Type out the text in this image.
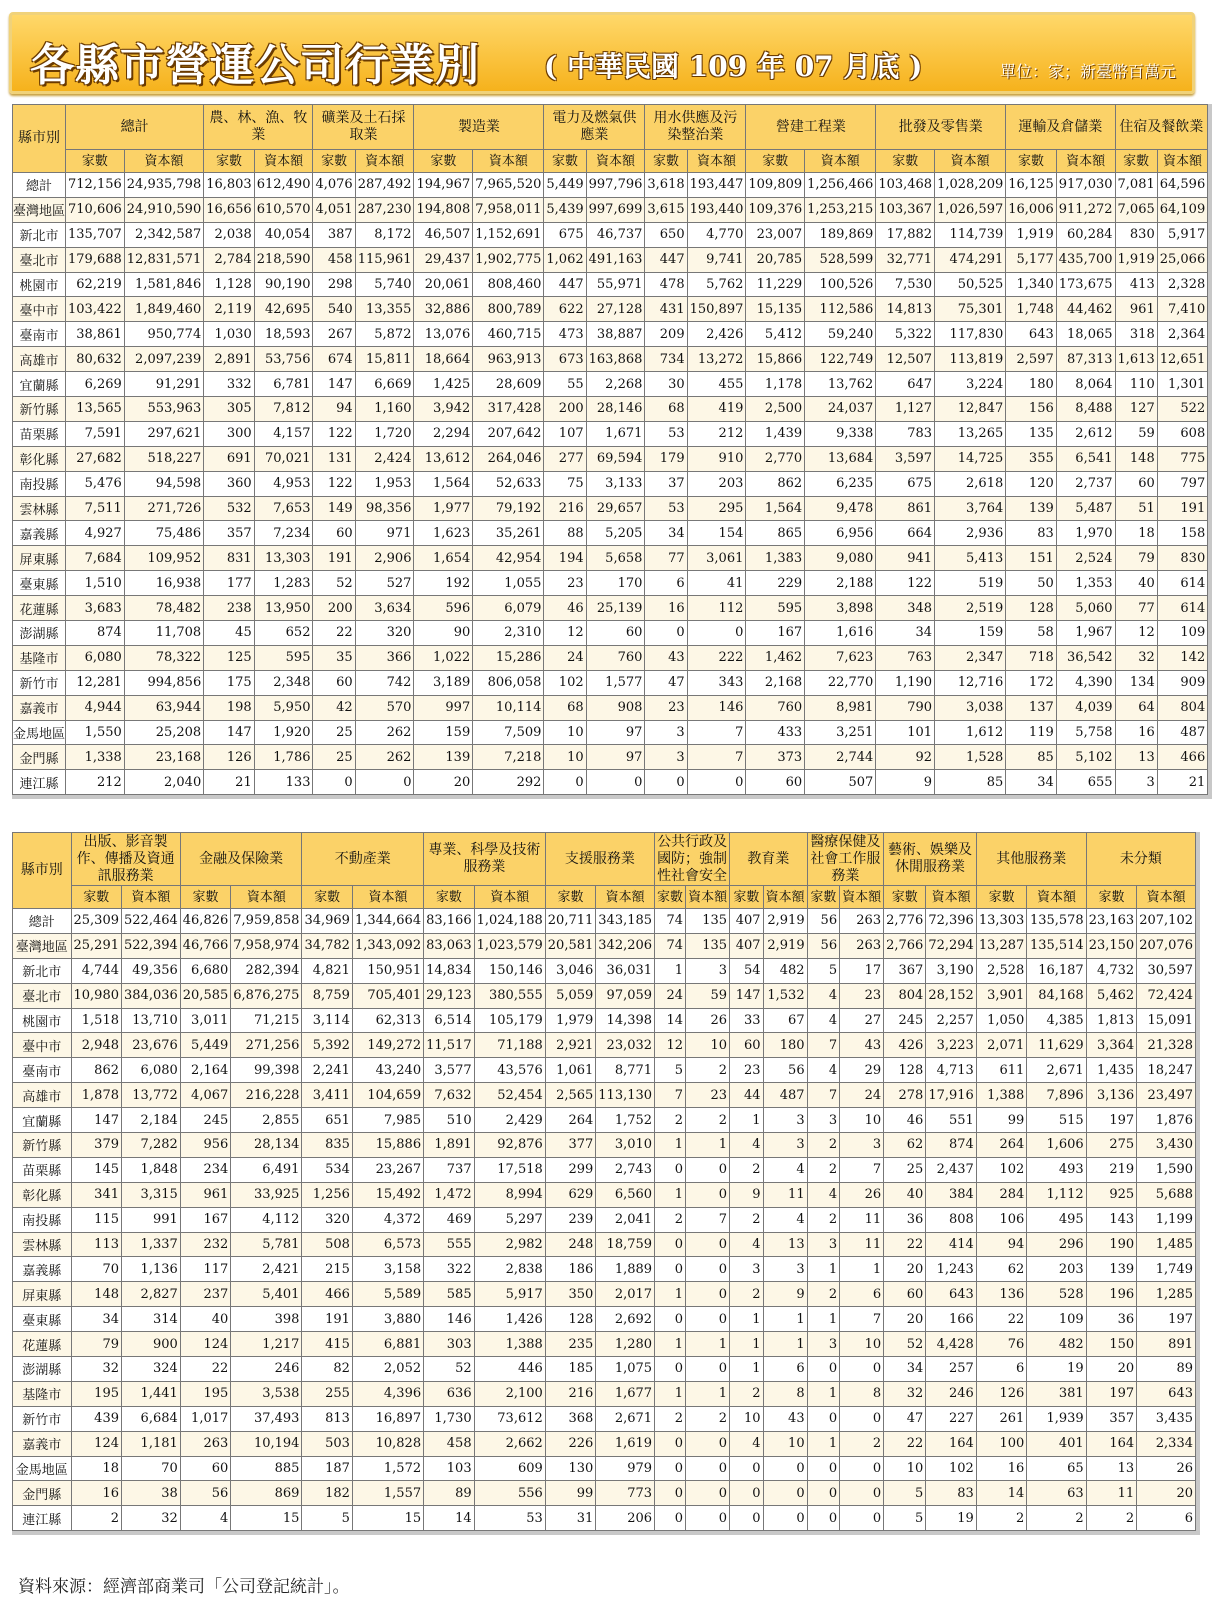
各縣市營運公司行業別 ( 中華民國 109 年 07 月底 )	單位：家；新臺幣百萬元
縣市別	總計		農、林、漁、牧業		礦業及土石採取業		製造業		電力及燃氣供應業		用水供應及污染整治業		營建工程業		批發及零售業		運輸及倉儲業		住宿及餐飲業	
	家數	資本額	家數	資本額	家數	資本額	家數	資本額	家數	資本額	家數	資本額	家數	資本額	家數	資本額	家數	資本額	家數	資本額
總計	712,156	24,935,798	16,803	612,490	4,076	287,492	194,967	7,965,520	5,449	997,796	3,618	193,447	109,809	1,256,466	103,468	1,028,209	16,125	917,030	7,081	64,596
臺灣地區	710,606	24,910,590	16,656	610,570	4,051	287,230	194,808	7,958,011	5,439	997,699	3,615	193,440	109,376	1,253,215	103,367	1,026,597	16,006	911,272	7,065	64,109
新北市	135,707	2,342,587	2,038	40,054	387	8,172	46,507	1,152,691	675	46,737	650	4,770	23,007	189,869	17,882	114,739	1,919	60,284	830	5,917
臺北市	179,688	12,831,571	2,784	218,590	458	115,961	29,437	1,902,775	1,062	491,163	447	9,741	20,785	528,599	32,771	474,291	5,177	435,700	1,919	25,066
桃園市	62,219	1,581,846	1,128	90,190	298	5,740	20,061	808,460	447	55,971	478	5,762	11,229	100,526	7,530	50,525	1,340	173,675	413	2,328
臺中市	103,422	1,849,460	2,119	42,695	540	13,355	32,886	800,789	622	27,128	431	150,897	15,135	112,586	14,813	75,301	1,748	44,462	961	7,410
臺南市	38,861	950,774	1,030	18,593	267	5,872	13,076	460,715	473	38,887	209	2,426	5,412	59,240	5,322	117,830	643	18,065	318	2,364
高雄市	80,632	2,097,239	2,891	53,756	674	15,811	18,664	963,913	673	163,868	734	13,272	15,866	122,749	12,507	113,819	2,597	87,313	1,613	12,651
宜蘭縣	6,269	91,291	332	6,781	147	6,669	1,425	28,609	55	2,268	30	455	1,178	13,762	647	3,224	180	8,064	110	1,301
新竹縣	13,565	553,963	305	7,812	94	1,160	3,942	317,428	200	28,146	68	419	2,500	24,037	1,127	12,847	156	8,488	127	522
苗栗縣	7,591	297,621	300	4,157	122	1,720	2,294	207,642	107	1,671	53	212	1,439	9,338	783	13,265	135	2,612	59	608
彰化縣	27,682	518,227	691	70,021	131	2,424	13,612	264,046	277	69,594	179	910	2,770	13,684	3,597	14,725	355	6,541	148	775
南投縣	5,476	94,598	360	4,953	122	1,953	1,564	52,633	75	3,133	37	203	862	6,235	675	2,618	120	2,737	60	797
雲林縣	7,511	271,726	532	7,653	149	98,356	1,977	79,192	216	29,657	53	295	1,564	9,478	861	3,764	139	5,487	51	191
嘉義縣	4,927	75,486	357	7,234	60	971	1,623	35,261	88	5,205	34	154	865	6,956	664	2,936	83	1,970	18	158
屏東縣	7,684	109,952	831	13,303	191	2,906	1,654	42,954	194	5,658	77	3,061	1,383	9,080	941	5,413	151	2,524	79	830
臺東縣	1,510	16,938	177	1,283	52	527	192	1,055	23	170	6	41	229	2,188	122	519	50	1,353	40	614
花蓮縣	3,683	78,482	238	13,950	200	3,634	596	6,079	46	25,139	16	112	595	3,898	348	2,519	128	5,060	77	614
澎湖縣	874	11,708	45	652	22	320	90	2,310	12	60	0	0	167	1,616	34	159	58	1,967	12	109
基隆市	6,080	78,322	125	595	35	366	1,022	15,286	24	760	43	222	1,462	7,623	763	2,347	718	36,542	32	142
新竹市	12,281	994,856	175	2,348	60	742	3,189	806,058	102	1,577	47	343	2,168	22,770	1,190	12,716	172	4,390	134	909
嘉義市	4,944	63,944	198	5,950	42	570	997	10,114	68	908	23	146	760	8,981	790	3,038	137	4,039	64	804
金馬地區	1,550	25,208	147	1,920	25	262	159	7,509	10	97	3	7	433	3,251	101	1,612	119	5,758	16	487
金門縣	1,338	23,168	126	1,786	25	262	139	7,218	10	97	3	7	373	2,744	92	1,528	85	5,102	13	466
連江縣	212	2,040	21	133	0	0	20	292	0	0	0	0	60	507	9	85	34	655	3	21
縣市別	出版、影音製作、傳播及資通訊服務業		金融及保險業		不動產業		專業、科學及技術服務業		支援服務業		公共行政及國防；強制性社會安全		教育業		醫療保健及社會工作服務業		藝術、娛樂及休閒服務業		其他服務業		未分類	
	家數	資本額	家數	資本額	家數	資本額	家數	資本額	家數	資本額	家數	資本額	家數	資本額	家數	資本額	家數	資本額	家數	資本額	家數	資本額
總計	25,309	522,464	46,826	7,959,858	34,969	1,344,664	83,166	1,024,188	20,711	343,185	74	135	407	2,919	56	263	2,776	72,396	13,303	135,578	23,163	207,102
臺灣地區	25,291	522,394	46,766	7,958,974	34,782	1,343,092	83,063	1,023,579	20,581	342,206	74	135	407	2,919	56	263	2,766	72,294	13,287	135,514	23,150	207,076
新北市	4,744	49,356	6,680	282,394	4,821	150,951	14,834	150,146	3,046	36,031	1	3	54	482	5	17	367	3,190	2,528	16,187	4,732	30,597
臺北市	10,980	384,036	20,585	6,876,275	8,759	705,401	29,123	380,555	5,059	97,059	24	59	147	1,532	4	23	804	28,152	3,901	84,168	5,462	72,424
桃園市	1,518	13,710	3,011	71,215	3,114	62,313	6,514	105,179	1,979	14,398	14	26	33	67	4	27	245	2,257	1,050	4,385	1,813	15,091
臺中市	2,948	23,676	5,449	271,256	5,392	149,272	11,517	71,188	2,921	23,032	12	10	60	180	7	43	426	3,223	2,071	11,629	3,364	21,328
臺南市	862	6,080	2,164	99,398	2,241	43,240	3,577	43,576	1,061	8,771	5	2	23	56	4	29	128	4,713	611	2,671	1,435	18,247
高雄市	1,878	13,772	4,067	216,228	3,411	104,659	7,632	52,454	2,565	113,130	7	23	44	487	7	24	278	17,916	1,388	7,896	3,136	23,497
宜蘭縣	147	2,184	245	2,855	651	7,985	510	2,429	264	1,752	2	2	1	3	3	10	46	551	99	515	197	1,876
新竹縣	379	7,282	956	28,134	835	15,886	1,891	92,876	377	3,010	1	1	4	3	2	3	62	874	264	1,606	275	3,430
苗栗縣	145	1,848	234	6,491	534	23,267	737	17,518	299	2,743	0	0	2	4	2	7	25	2,437	102	493	219	1,590
彰化縣	341	3,315	961	33,925	1,256	15,492	1,472	8,994	629	6,560	1	0	9	11	4	26	40	384	284	1,112	925	5,688
南投縣	115	991	167	4,112	320	4,372	469	5,297	239	2,041	2	7	2	4	2	11	36	808	106	495	143	1,199
雲林縣	113	1,337	232	5,781	508	6,573	555	2,982	248	18,759	0	0	4	13	3	11	22	414	94	296	190	1,485
嘉義縣	70	1,136	117	2,421	215	3,158	322	2,838	186	1,889	0	0	3	3	1	1	20	1,243	62	203	139	1,749
屏東縣	148	2,827	237	5,401	466	5,589	585	5,917	350	2,017	1	0	2	9	2	6	60	643	136	528	196	1,285
臺東縣	34	314	40	398	191	3,880	146	1,426	128	2,692	0	0	1	1	1	7	20	166	22	109	36	197
花蓮縣	79	900	124	1,217	415	6,881	303	1,388	235	1,280	1	1	1	1	3	10	52	4,428	76	482	150	891
澎湖縣	32	324	22	246	82	2,052	52	446	185	1,075	0	0	1	6	0	0	34	257	6	19	20	89
基隆市	195	1,441	195	3,538	255	4,396	636	2,100	216	1,677	1	1	2	8	1	8	32	246	126	381	197	643
新竹市	439	6,684	1,017	37,493	813	16,897	1,730	73,612	368	2,671	2	2	10	43	0	0	47	227	261	1,939	357	3,435
嘉義市	124	1,181	263	10,194	503	10,828	458	2,662	226	1,619	0	0	4	10	1	2	22	164	100	401	164	2,334
金馬地區	18	70	60	885	187	1,572	103	609	130	979	0	0	0	0	0	0	10	102	16	65	13	26
金門縣	16	38	56	869	182	1,557	89	556	99	773	0	0	0	0	0	0	5	83	14	63	11	20
連江縣	2	32	4	15	5	15	14	53	31	206	0	0	0	0	0	0	5	19	2	2	2	6
資料來源：經濟部商業司「公司登記統計」。
